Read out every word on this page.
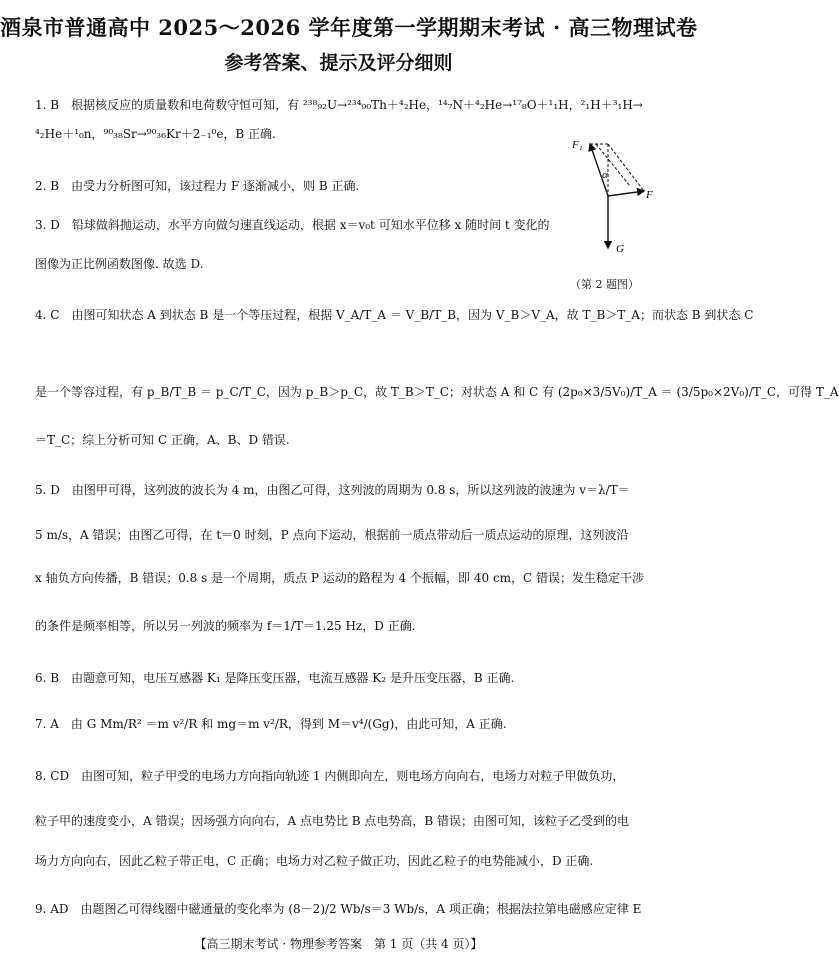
酒泉市普通高中 2025～2026 学年度第一学期期末考试 · 高三物理试卷
参考答案、提示及评分细则
1. B　根据核反应的质量数和电荷数守恒可知，有 ²³⁸₉₂U→²³⁴₉₀Th＋⁴₂He，¹⁴₇N＋⁴₂He→¹⁷₈O＋¹₁H，²₁H＋³₁H→
⁴₂He＋¹₀n，⁹⁰₃₈Sr→⁹⁰₃₆Kr＋2₋₁⁰e，B 正确.
2. B　由受力分析图可知，该过程力 F 逐渐减小，则 B 正确.
3. D　铅球做斜抛运动，水平方向做匀速直线运动，根据 x＝v₀t 可知水平位移 x 随时间 t 变化的
图像为正比例函数图像. 故选 D.
4. C　由图可知状态 A 到状态 B 是一个等压过程，根据 V_A/T_A ＝ V_B/T_B，因为 V_B＞V_A，故 T_B＞T_A；而状态 B 到状态 C
是一个等容过程，有 p_B/T_B ＝ p_C/T_C，因为 p_B＞p_C，故 T_B＞T_C；对状态 A 和 C 有 (2p₀×3/5V₀)/T_A ＝ (3/5p₀×2V₀)/T_C，可得 T_A
＝T_C；综上分析可知 C 正确，A、B、D 错误.
5. D　由图甲可得，这列波的波长为 4 m，由图乙可得，这列波的周期为 0.8 s，所以这列波的波速为 v＝λ/T＝
5 m/s，A 错误；由图乙可得，在 t＝0 时刻，P 点向下运动，根据前一质点带动后一质点运动的原理，这列波沿
x 轴负方向传播，B 错误；0.8 s 是一个周期，质点 P 运动的路程为 4 个振幅，即 40 cm，C 错误；发生稳定干涉
的条件是频率相等，所以另一列波的频率为 f＝1/T＝1.25 Hz，D 正确.
6. B　由题意可知，电压互感器 K₁ 是降压变压器，电流互感器 K₂ 是升压变压器，B 正确.
7. A　由 G Mm/R² ＝m v²/R 和 mg＝m v²/R，得到 M＝v⁴/(Gg)，由此可知，A 正确.
8. CD　由图可知，粒子甲受的电场力方向指向轨迹 1 内侧即向左，则电场方向向右，电场力对粒子甲做负功，
粒子甲的速度变小，A 错误；因场强方向向右，A 点电势比 B 点电势高，B 错误；由图可知，该粒子乙受到的电
场力方向向右，因此乙粒子带正电，C 正确；电场力对乙粒子做正功，因此乙粒子的电势能减小，D 正确.
9. AD　由题图乙可得线圈中磁通量的变化率为 (8－2)/2 Wb/s＝3 Wb/s，A 项正确；根据法拉第电磁感应定律 E
F₁
α
F
G
（第 2 题图）
【高三期末考试 · 物理参考答案　第 1 页（共 4 页）】
